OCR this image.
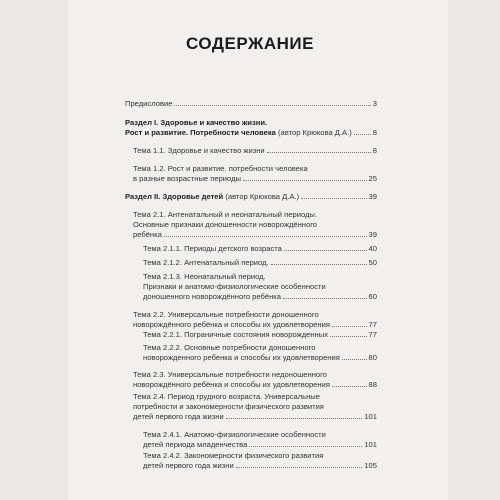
СОДЕРЖАНИЕ
Предисловие	3
Раздел I. Здоровье и качество жизни.
Рост и развитие. Потребности человека (автор Крюкова Д.А.)	8
Тема 1.1. Здоровье и качество жизни	8
Тема 1.2. Рост и развитие. потребности человека
в разные возрастные периоды	25
Раздел II. Здоровье детей (автор Крюкова Д.А.)	39
Тема 2.1. Антенатальный и неонатальный периоды.
Основные признаки доношенности новорождённого
ребёнка	39
Тема 2.1.1. Периоды детского возраста	40
Тема 2.1.2. Антенатальный период.	50
Тема 2.1.3. Неонатальный период.
Признаки и анатомо-физиологические особенности
доношенного новорождённого ребёнка	60
Тема 2.2. Универсальные потребности доношенного
новорождённого ребёнка и способы их удовлетворения	77
Тема 2.2.1. Пограничные состояния новорожденных	77
Тема 2.2.2. Основные потребности доношенного
новорожденного ребенка и способы их удовлетворения	80
Тема 2.3. Универсальные потребности недоношенного
новорождённого ребёнка и способы их удовлетворения	88
Тема 2.4. Период грудного возраста. Универсальные
потребности и закономерности физического развития
детей первого года жизни	101
Тема 2.4.1. Анатомо-физиологические особенности
детей периода младенчества	101
Тема 2.4.2. Закономерности физического развития
детей первого года жизни	105
